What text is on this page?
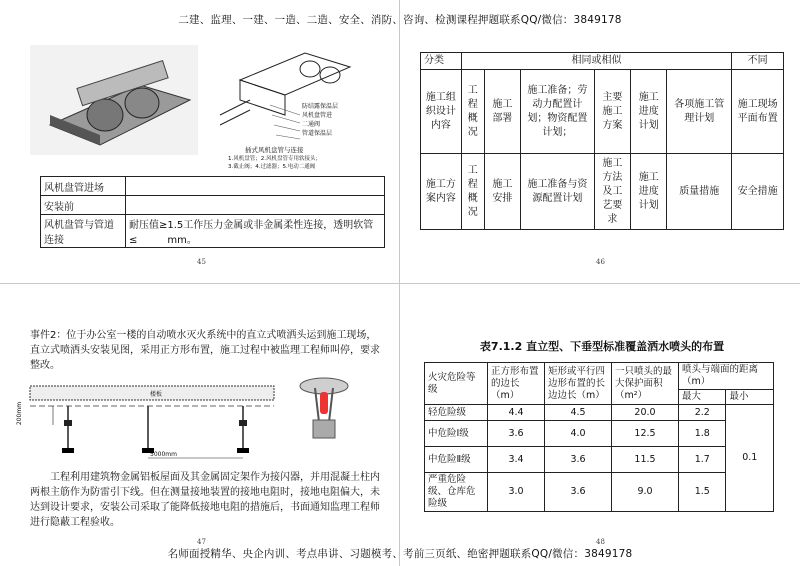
二建、监理、一建、一造、二造、安全、消防、咨询、检测课程押题联系QQ/微信：3849178
名师面授精华、央企内训、考点串讲、习题模考、考前三页纸、绝密押题联系QQ/微信：3849178
防结露保温层
风机盘管进
二通阀
管道保温层
插式风机盘管与连接
1.风机盘管；2.风机盘管专用软接头；
3.截止阀；4.过滤器；5.电动二通阀
风机盘管进场	
安装前	
风机盘管与管道连接	耐压值≥1.5工作压力金属或非金属柔性连接，透明软管≤　　　mm。
45
分类	相同或相似						不同
施工组织设计内容	工程概况	施工部署	施工准备；劳动力配置计划；物资配置计划；	主要施工方案	施工进度计划	各项施工管理计划	施工现场平面布置
施工方案内容	工程概况	施工安排	施工准备与资源配置计划	施工方法及工艺要求	施工进度计划	质量措施	安全措施
46
事件2：位于办公室一楼的自动喷水灭火系统中的直立式喷洒头运到施工现场，直立式喷洒头安装见图，采用正方形布置，施工过程中被监理工程师叫停，要求整改。
楼板
200mm
5000mm
工程利用建筑物金属铝板屋面及其金属固定架作为接闪器，并用混凝土柱内两根主筋作为防雷引下线。但在测量接地装置的接地电阻时，接地电阻偏大，未达到设计要求，安装公司采取了能降低接地电阻的措施后，书面通知监理工程师进行隐蔽工程验收。
47
表7.1.2 直立型、下垂型标准覆盖洒水喷头的布置
火灾危险等级	正方形布置的边长（m）	矩形或平行四边形布置的长边边长（m）	一只喷头的最大保护面积（m²）	喷头与端面的距离（m）	
				最大	最小
轻危险级	4.4	4.5	20.0	2.2	0.1
中危险Ⅰ级	3.6	4.0	12.5	1.8	
中危险Ⅱ级	3.4	3.6	11.5	1.7	
严重危险级、仓库危险级	3.0	3.6	9.0	1.5	
48
